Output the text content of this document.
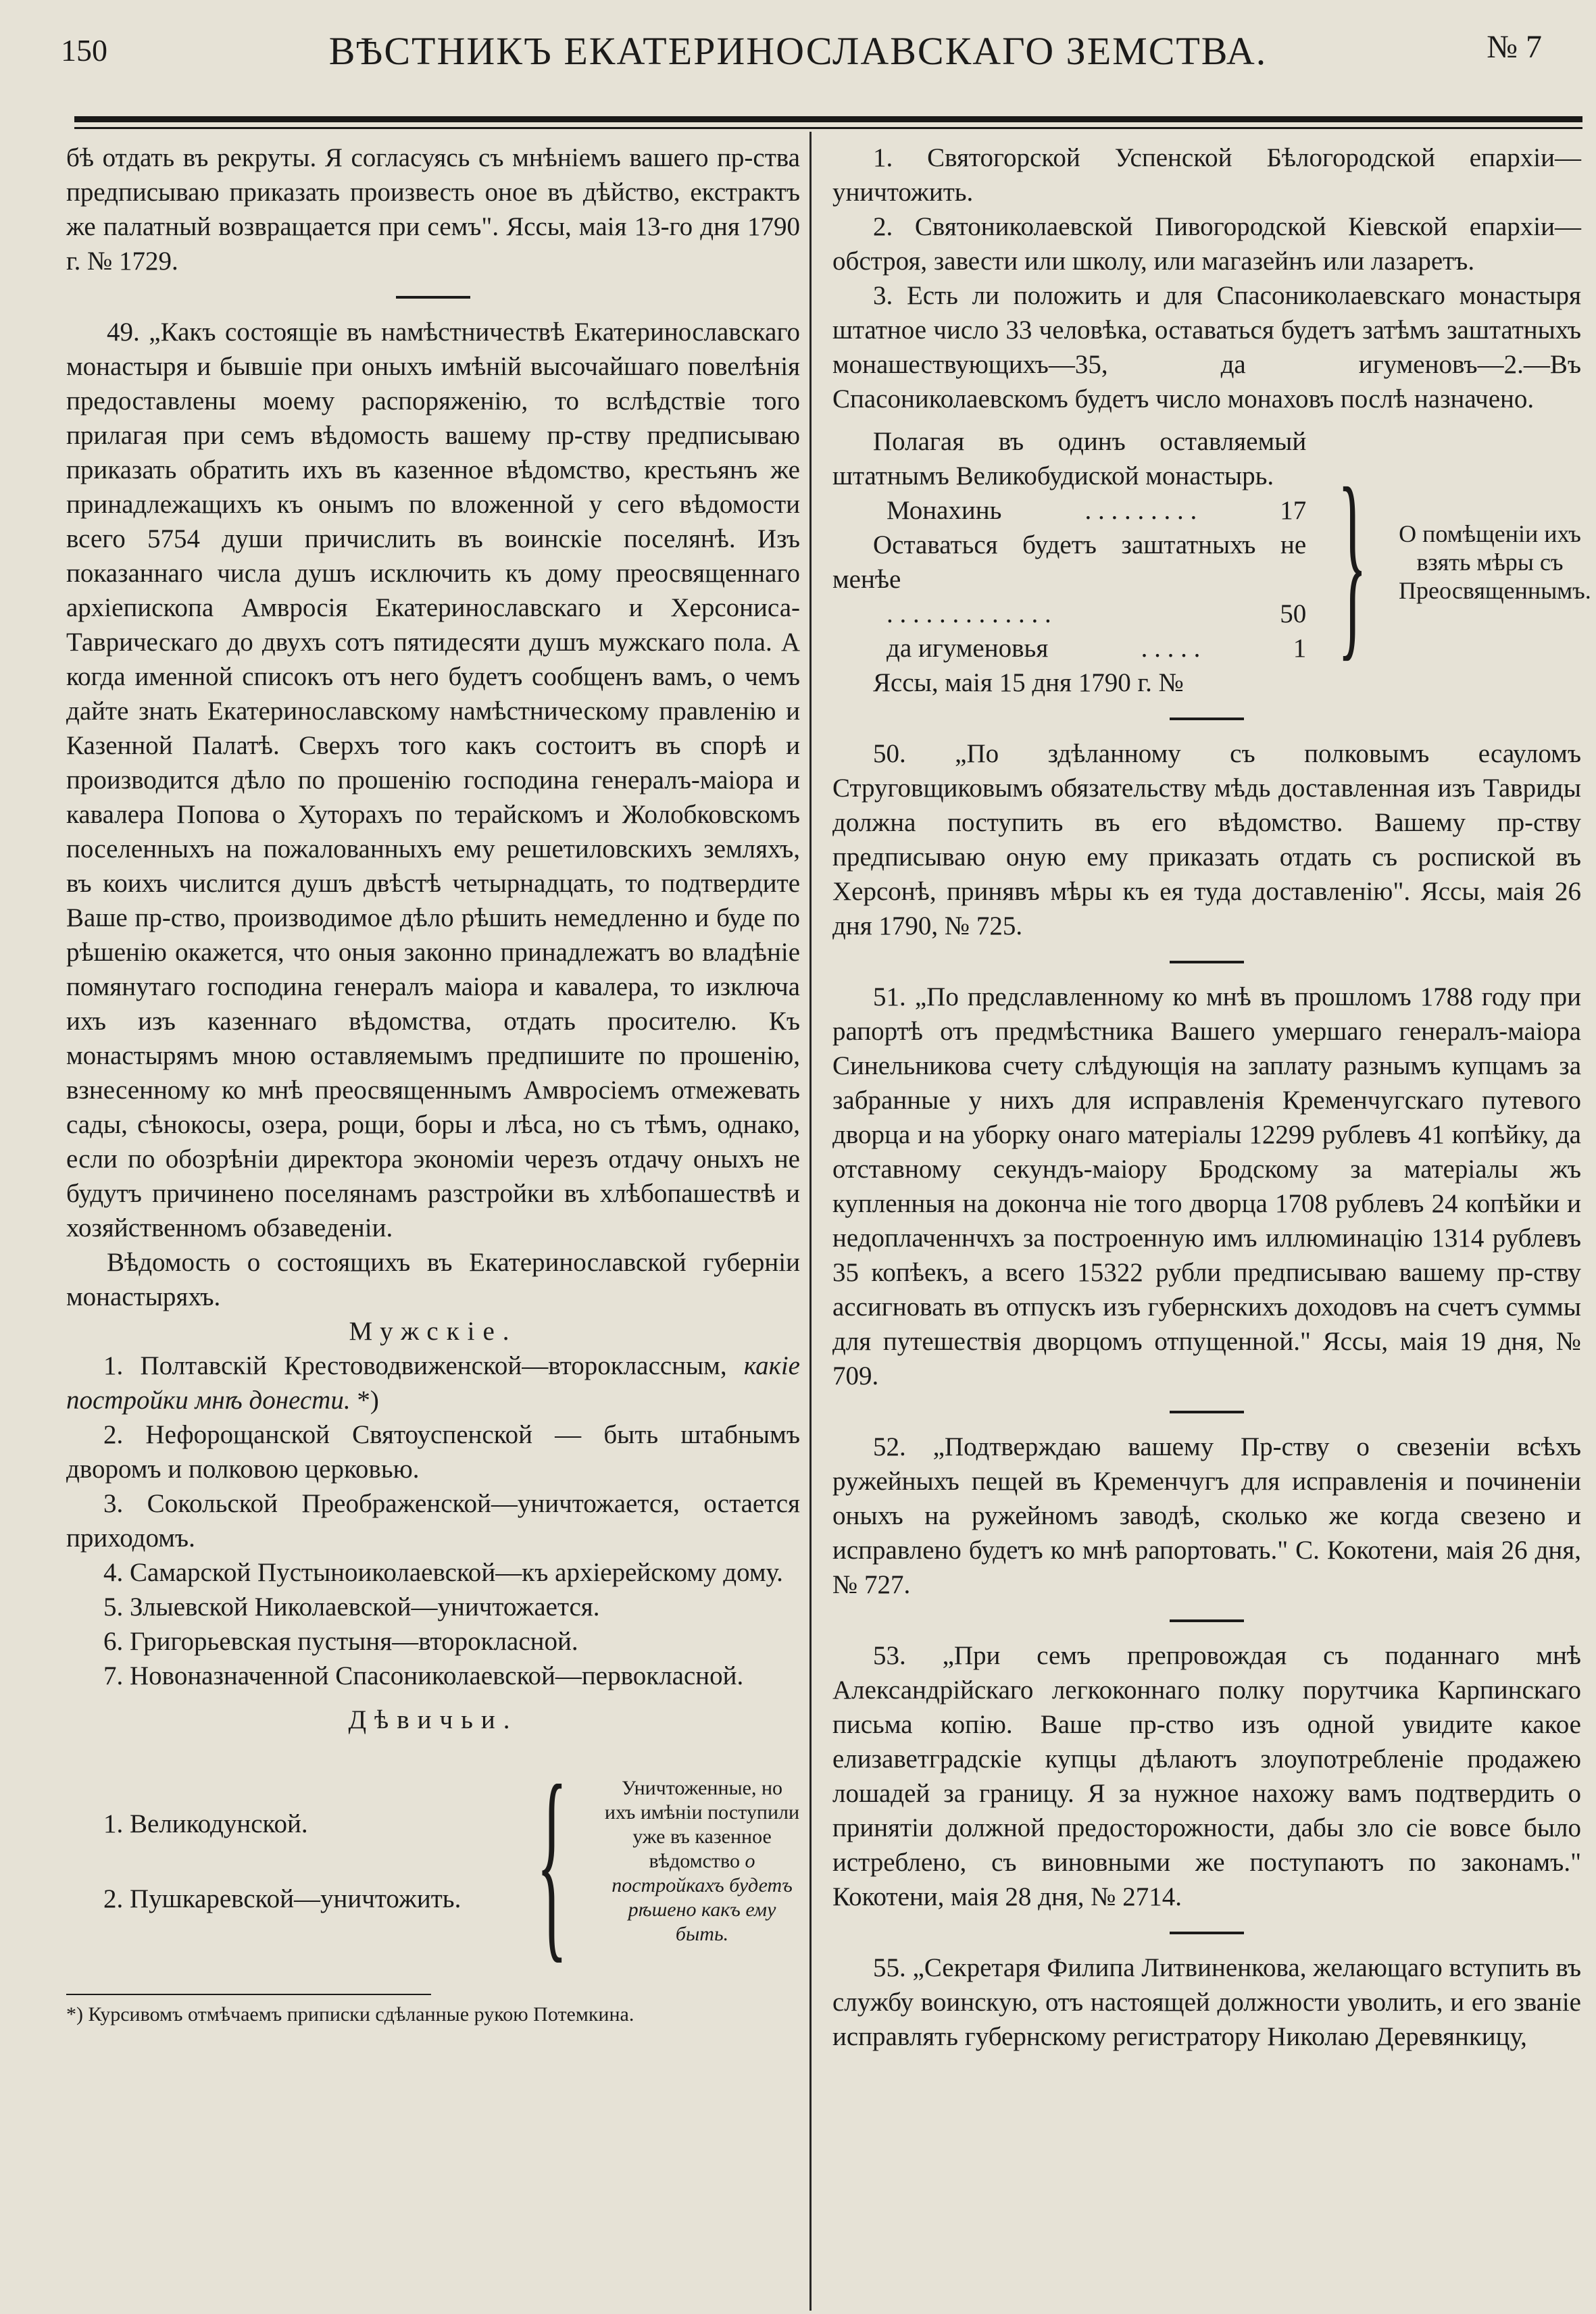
150	ВѢСТНИКЪ ЕКАТЕРИНОСЛАВСКАГО ЗЕМСТВА.	№ 7

бѣ отдать въ рекруты. Я согласуясь съ мнѣніемъ вашего пр-ства предписываю приказать произвесть оное въ дѣйство, екстрактъ же палатный возвращается при семъ". Яссы, маія 13-го дня 1790 г. № 1729.

49. „Какъ состоящіе въ намѣстничествѣ Екатеринославскаго монастыря и бывшіе при оныхъ имѣній высочайшаго повелѣнія предоставлены моему распоряженію, то вслѣдствіе того прилагая при семъ вѣдомость вашему пр-ству предписываю приказать обратить ихъ въ казенное вѣдомство, крестьянъ же принадлежащихъ къ онымъ по вложенной у сего вѣдомости всего 5754 души причислить въ воинскіе поселянѣ. Изъ показаннаго числа душъ исключить къ дому преосвященнаго архіепископа Амвросія Екатеринославскаго и Херсониса-Таврическаго до двухъ сотъ пятидесяти душъ мужскаго пола. А когда именной списокъ отъ него будетъ сообщенъ вамъ, о чемъ дайте знать Екатеринославскому намѣстническому правленію и Казенной Палатѣ. Сверхъ того какъ состоитъ въ спорѣ и производится дѣло по прошенію господина генералъ-маіора и кавалера Попова о Хуторахъ по терайскомъ и Жолобковскомъ поселенныхъ на пожалованныхъ ему решетиловскихъ земляхъ, въ коихъ числится душъ двѣстѣ четырнадцать, то подтвердите Ваше пр-ство, производимое дѣло рѣшить немедленно и буде по рѣшенію окажется, что оныя законно принадлежатъ во владѣніе помянутаго господина генералъ маіора и кавалера, то изключа ихъ изъ казеннаго вѣдомства, отдать просителю. Къ монастырямъ мною оставляемымъ предпишите по прошенію, взнесенному ко мнѣ преосвященнымъ Амвросіемъ отмежевать сады, сѣнокосы, озера, рощи, боры и лѣса, но съ тѣмъ, однако, если по обозрѣніи директора экономіи черезъ отдачу оныхъ не будутъ причинено поселянамъ разстройки въ хлѣбопашествѣ и хозяйственномъ обзаведеніи.

Вѣдомость о состоящихъ въ Екатеринославской губерніи монастыряхъ.

Мужскіе.

1. Полтавскій Крестоводвиженской—второклассным, какіе постройки мнѣ донести. *)

2. Нефорощанской Святоуспенской — быть штабнымъ дворомъ и полковою церковью.

3. Сокольской Преображенской—уничтожается, остается приходомъ.

4. Самарской Пустыноиколаевской—къ архіерейскому дому.

5. Злыевской Николаевской—уничтожается.

6. Григорьевская пустыня—второкласной.

7. Новоназначенной Спасониколаевской—первокласной.

Дѣвичьи.

1. Великодунской.

2. Пушкаревской—уничтожить. {	Уничтоженные, но ихъ имѣніи поступили уже въ казенное вѣдомство о постройкахъ будетъ рѣшено какъ ему быть.

*) Курсивомъ отмѣчаемъ приписки сдѣланные рукою Потемкина.

1. Святогорской Успенской Бѣлогородской епархіи—уничтожить.

2. Святониколаевской Пивогородской Кіевской епархіи—обстроя, завести или школу, или магазейнъ или лазаретъ.

3. Есть ли положить и для Спасониколаевскаго монастыря штатное число 33 человѣка, оставаться будетъ затѣмъ заштатныхъ монашествующихъ—35, да игуменовъ—2.—Въ Спасониколаевскомъ будетъ число монаховъ послѣ назначено.

Полагая въ одинъ оставляемый штатнымъ Великобудиской монастырь.

Монахинь	. . . . . . . . .	17

Оставаться будетъ заштатныхъ не менѣе

. . . . . . . . . . . . .	50
да игуменовья	. . . . .	1

Яссы, маія 15 дня 1790 г. №

} О помѣщеніи ихъ взять мѣры съ Преосвященнымъ.

50. „По здѣланному съ полковымъ есауломъ Струговщиковымъ обязательству мѣдь доставленная изъ Тавриды должна поступить въ его вѣдомство. Вашему пр-ству предписываю оную ему приказать отдать съ роспиской въ Херсонѣ, принявъ мѣры къ ея туда доставленію". Яссы, маія 26 дня 1790, № 725.

51. „По предславленному ко мнѣ въ прошломъ 1788 году при рапортѣ отъ предмѣстника Вашего умершаго генералъ-маіора Синельникова счету слѣдующія на заплату разнымъ купцамъ за забранные у нихъ для исправленія Кременчугскаго путевого дворца и на уборку онаго матеріалы 12299 рублевъ 41 копѣйку, да отставному секундъ-маіору Бродскому за матеріалы жъ купленныя на доконча ніе того дворца 1708 рублевъ 24 копѣйки и недоплаченнчхъ за построенную имъ иллюминацію 1314 рублевъ 35 копѣекъ, а всего 15322 рубли предписываю вашему пр-ству ассигновать въ отпускъ изъ губернскихъ доходовъ на счетъ суммы для путешествія дворцомъ отпущенной." Яссы, маія 19 дня, № 709.

52. „Подтверждаю вашему Пр-ству о свезеніи всѣхъ ружейныхъ пещей въ Кременчугъ для исправленія и починеніи оныхъ на ружейномъ заводѣ, сколько же когда свезено и исправлено будетъ ко мнѣ рапортовать." С. Кокотени, маія 26 дня, № 727.

53. „При семъ препровождая съ поданнаго мнѣ Александрійскаго легкоконнаго полку порутчика Карпинскаго письма копію. Ваше пр-ство изъ одной увидите какое елизаветградскіе купцы дѣлаютъ злоупотребленіе продажею лошадей за границу. Я за нужное нахожу вамъ подтвердить о принятіи должной предосторожности, дабы зло сіе вовсе было истреблено, съ виновными же поступаютъ по законамъ." Кокотени, маія 28 дня, № 2714.

55. „Секретаря Филипа Литвиненкова, желающаго вступить въ службу воинскую, отъ настоящей должности уволить, и его званіе исправлять губернскому регистратору Николаю Деревянкицу,
